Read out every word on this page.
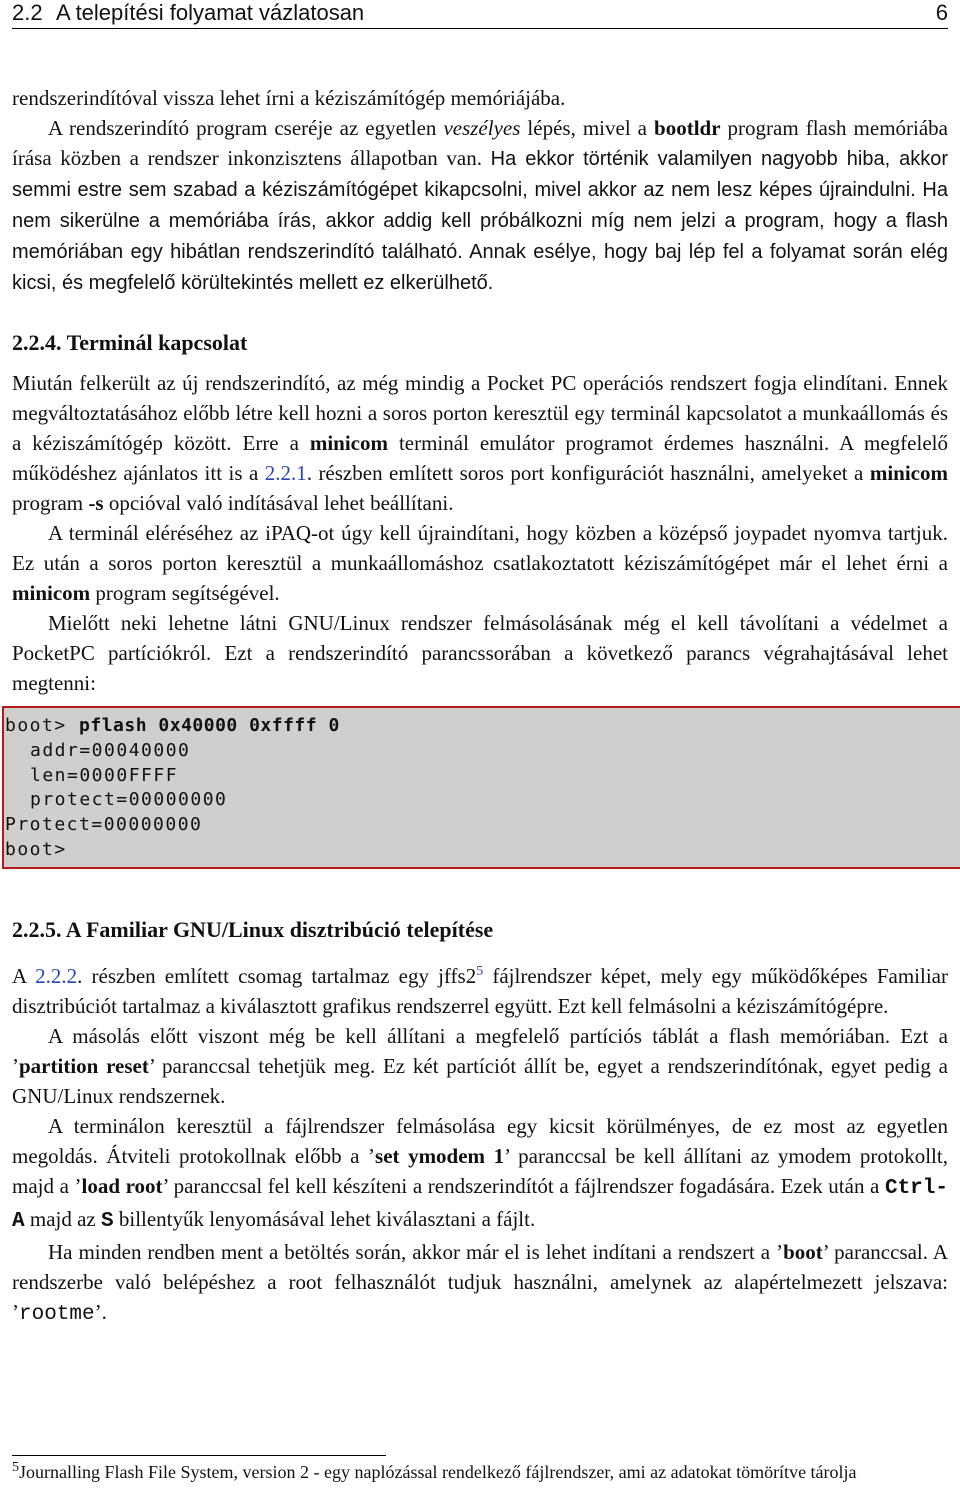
2.2 A telepítési folyamat vázlatosan	6

rendszerindítóval vissza lehet írni a kéziszámítógép memóriájába.

A rendszerindító program cseréje az egyetlen veszélyes lépés, mivel a bootldr program flash memóriába írása közben a rendszer inkonzisztens állapotban van. Ha ekkor történik valamilyen nagyobb hiba, akkor semmi estre sem szabad a kéziszámítógépet kikapcsolni, mivel akkor az nem lesz képes újraindulni. Ha nem sikerülne a memóriába írás, akkor addig kell próbálkozni míg nem jelzi a program, hogy a flash memóriában egy hibátlan rendszerindító található. Annak esélye, hogy baj lép fel a folyamat során elég kicsi, és megfelelő körültekintés mellett ez elkerülhető.

2.2.4. Terminál kapcsolat

Miután felkerült az új rendszerindító, az még mindig a Pocket PC operációs rendszert fogja elindítani. Ennek megváltoztatásához előbb létre kell hozni a soros porton keresztül egy terminál kapcsolatot a munkaállomás és a kéziszámítógép között. Erre a minicom terminál emulátor programot érdemes használni. A megfelelő működéshez ajánlatos itt is a 2.2.1. részben említett soros port konfigurációt használni, amelyeket a minicom program -s opcióval való indításával lehet beállítani.

A terminál eléréséhez az iPAQ-ot úgy kell újraindítani, hogy közben a középső joypadet nyomva tartjuk. Ez után a soros porton keresztül a munkaállomáshoz csatlakoztatott kéziszámítógépet már el lehet érni a minicom program segítségével.

Mielőtt neki lehetne látni GNU/Linux rendszer felmásolásának még el kell távolítani a védelmet a PocketPC partíciókról. Ezt a rendszerindító parancssorában a következő parancs végrahajtásával lehet megtenni:

boot> pflash 0x40000 0xffff 0
addr=00040000
len=0000FFFF
protect=00000000
Protect=00000000
boot>
2.2.5. A Familiar GNU/Linux disztribúció telepítése

A 2.2.2. részben említett csomag tartalmaz egy jffs2$^5$ fájlrendszer képet, mely egy működőképes Familiar disztribúciót tartalmaz a kiválasztott grafikus rendszerrel együtt. Ezt kell felmásolni a kéziszámítógépre.

A másolás előtt viszont még be kell állítani a megfelelő partíciós táblát a flash memóriában. Ezt a ’partition reset’ paranccsal tehetjük meg. Ez két partíciót állít be, egyet a rendszerindítónak, egyet pedig a GNU/Linux rendszernek.

A terminálon keresztül a fájlrendszer felmásolása egy kicsit körülményes, de ez most az egyetlen megoldás. Átviteli protokollnak előbb a ’set ymodem 1’ paranccsal be kell állítani az ymodem protokollt, majd a ’load root’ paranccsal fel kell készíteni a rendszerindítót a fájlrendszer fogadására. Ezek után a Ctrl-A majd az S billentyűk lenyomásával lehet kiválasztani a fájlt.

Ha minden rendben ment a betöltés során, akkor már el is lehet indítani a rendszert a ’boot’ paranccsal. A rendszerbe való belépéshez a root felhasználót tudjuk használni, amelynek az alapértelmezett jelszava: ’rootme’.

$^5$Journalling Flash File System, version 2 - egy naplózással rendelkező fájlrendszer, ami az adatokat tömörítve tárolja
